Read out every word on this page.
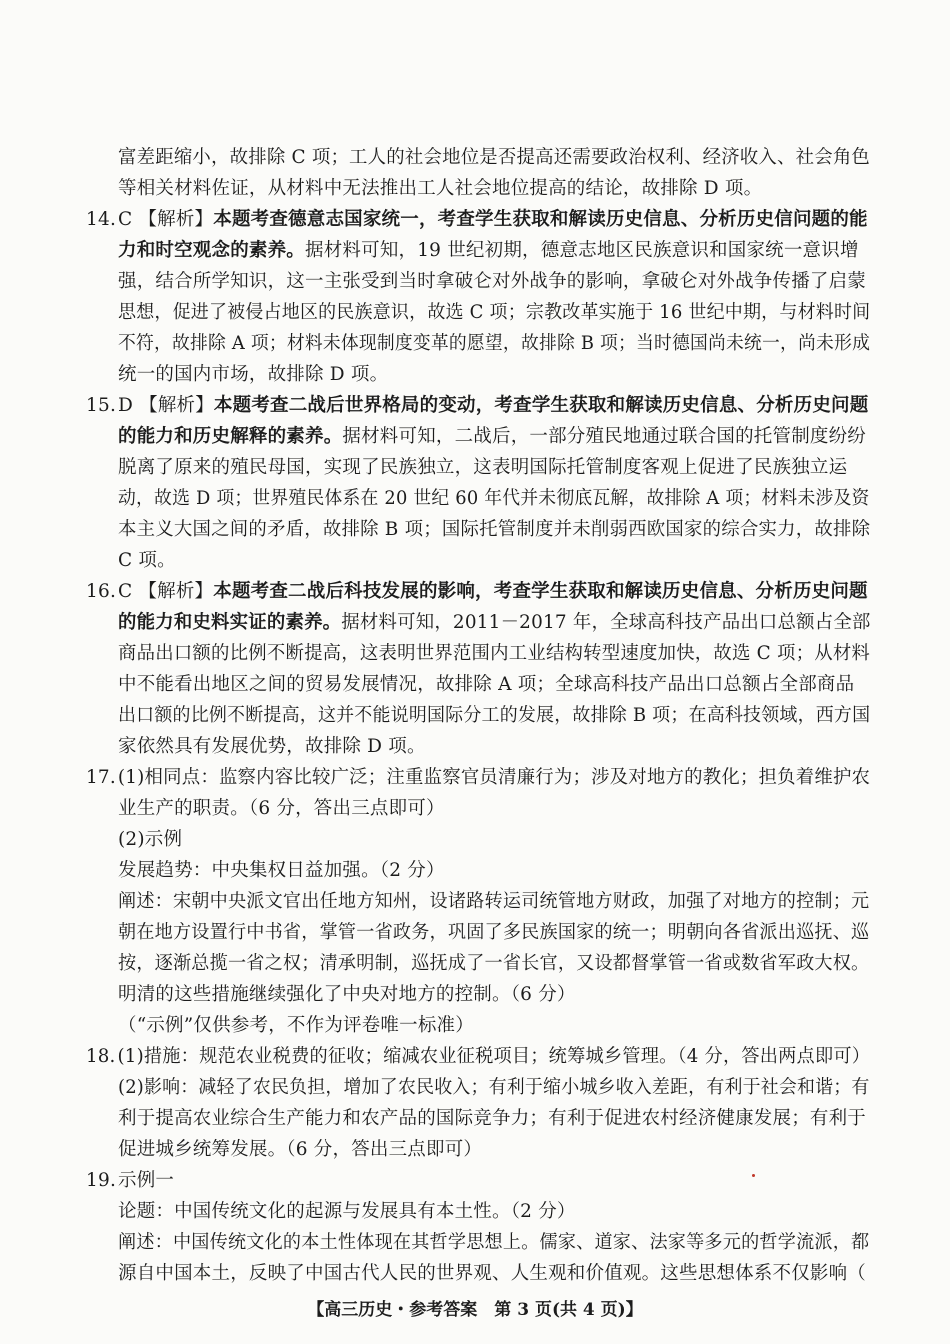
富差距缩小，故排除 C 项；工人的社会地位是否提高还需要政治权利、经济收入、社会角色
等相关材料佐证，从材料中无法推出工人社会地位提高的结论，故排除 D 项。
14. C 【解析】本题考查德意志国家统一，考查学生获取和解读历史信息、分析历史信问题的能
力和时空观念的素养。据材料可知，19 世纪初期，德意志地区民族意识和国家统一意识增
强，结合所学知识，这一主张受到当时拿破仑对外战争的影响，拿破仑对外战争传播了启蒙
思想，促进了被侵占地区的民族意识，故选 C 项；宗教改革实施于 16 世纪中期，与材料时间
不符，故排除 A 项；材料未体现制度变革的愿望，故排除 B 项；当时德国尚未统一，尚未形成
统一的国内市场，故排除 D 项。
15. D 【解析】本题考查二战后世界格局的变动，考查学生获取和解读历史信息、分析历史问题
的能力和历史解释的素养。据材料可知，二战后，一部分殖民地通过联合国的托管制度纷纷
脱离了原来的殖民母国，实现了民族独立，这表明国际托管制度客观上促进了民族独立运
动，故选 D 项；世界殖民体系在 20 世纪 60 年代并未彻底瓦解，故排除 A 项；材料未涉及资
本主义大国之间的矛盾，故排除 B 项；国际托管制度并未削弱西欧国家的综合实力，故排除
C 项。
16. C 【解析】本题考查二战后科技发展的影响，考查学生获取和解读历史信息、分析历史问题
的能力和史料实证的素养。据材料可知，2011－2017 年，全球高科技产品出口总额占全部
商品出口额的比例不断提高，这表明世界范围内工业结构转型速度加快，故选 C 项；从材料
中不能看出地区之间的贸易发展情况，故排除 A 项；全球高科技产品出口总额占全部商品
出口额的比例不断提高，这并不能说明国际分工的发展，故排除 B 项；在高科技领域，西方国
家依然具有发展优势，故排除 D 项。
17. (1)相同点：监察内容比较广泛；注重监察官员清廉行为；涉及对地方的教化；担负着维护农
业生产的职责。（6 分，答出三点即可）
(2)示例
发展趋势：中央集权日益加强。（2 分）
阐述：宋朝中央派文官出任地方知州，设诸路转运司统管地方财政，加强了对地方的控制；元
朝在地方设置行中书省，掌管一省政务，巩固了多民族国家的统一；明朝向各省派出巡抚、巡
按，逐渐总揽一省之权；清承明制，巡抚成了一省长官，又设都督掌管一省或数省军政大权。
明清的这些措施继续强化了中央对地方的控制。（6 分）
（“示例”仅供参考，不作为评卷唯一标准）
18. (1)措施：规范农业税费的征收；缩减农业征税项目；统筹城乡管理。（4 分，答出两点即可）
(2)影响：减轻了农民负担，增加了农民收入；有利于缩小城乡收入差距，有利于社会和谐；有
利于提高农业综合生产能力和农产品的国际竞争力；有利于促进农村经济健康发展；有利于
促进城乡统筹发展。（6 分，答出三点即可）
19. 示例一
论题：中国传统文化的起源与发展具有本土性。（2 分）
阐述：中国传统文化的本土性体现在其哲学思想上。儒家、道家、法家等多元的哲学流派，都
源自中国本土，反映了中国古代人民的世界观、人生观和价值观。这些思想体系不仅影响（
【高三历史・参考答案　第 3 页(共 4 页)】
